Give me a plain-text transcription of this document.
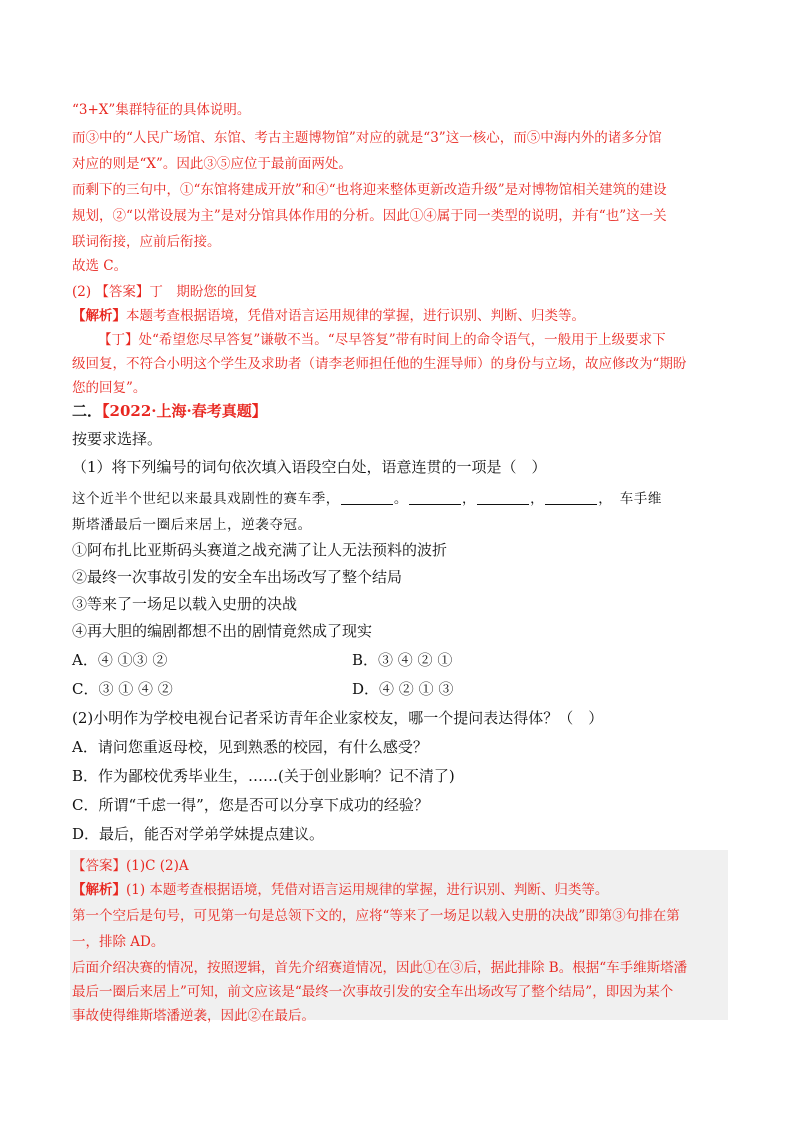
“3+X”集群特征的具体说明。
而③中的“人民广场馆、东馆、考古主题博物馆”对应的就是“3”这一核心，而⑤中海内外的诸多分馆
对应的则是“X”。因此③⑤应位于最前面两处。
而剩下的三句中，①“东馆将建成开放”和④“也将迎来整体更新改造升级”是对博物馆相关建筑的建设
规划，②“以常设展为主”是对分馆具体作用的分析。因此①④属于同一类型的说明，并有“也”这一关
联词衔接，应前后衔接。
故选 C。
(2) 【答案】丁　期盼您的回复
【解析】本题考查根据语境，凭借对语言运用规律的掌握，进行识别、判断、归类等。
【丁】处“希望您尽早答复”谦敬不当。“尽早答复”带有时间上的命令语气，一般用于上级要求下
级回复，不符合小明这个学生及求助者（请李老师担任他的生涯导师）的身份与立场，故应修改为“期盼
您的回复”。
二．【2022·上海·春考真题】
按要求选择。
（1）将下列编号的词句依次填入语段空白处，语意连贯的一项是（　）
这个近半个世纪以来最具戏剧性的赛车季，	。	，	，	，　 车手维
斯塔潘最后一圈后来居上，逆袭夺冠。
①阿布扎比亚斯码头赛道之战充满了让人无法预料的波折
②最终一次事故引发的安全车出场改写了整个结局
③等来了一场足以载入史册的决战
④再大胆的编剧都想不出的剧情竟然成了现实
A．④ ①③ ②	B．③ ④ ② ①
C．③ ① ④ ②	D．④ ② ① ③
(2)小明作为学校电视台记者采访青年企业家校友，哪一个提问表达得体？（　）
A．请问您重返母校，见到熟悉的校园，有什么感受？
B．作为鄙校优秀毕业生，……(关于创业影响？记不清了)
C．所谓“千虑一得”，您是否可以分享下成功的经验？
D．最后，能否对学弟学妹提点建议。
【答案】(1)C (2)A
【解析】(1) 本题考查根据语境，凭借对语言运用规律的掌握，进行识别、判断、归类等。
第一个空后是句号，可见第一句是总领下文的，应将“等来了一场足以载入史册的决战”即第③句排在第
一，排除 AD。
后面介绍决赛的情况，按照逻辑，首先介绍赛道情况，因此①在③后，据此排除 B。根据“车手维斯塔潘
最后一圈后来居上”可知，前文应该是“最终一次事故引发的安全车出场改写了整个结局”，即因为某个
事故使得维斯塔潘逆袭，因此②在最后。
